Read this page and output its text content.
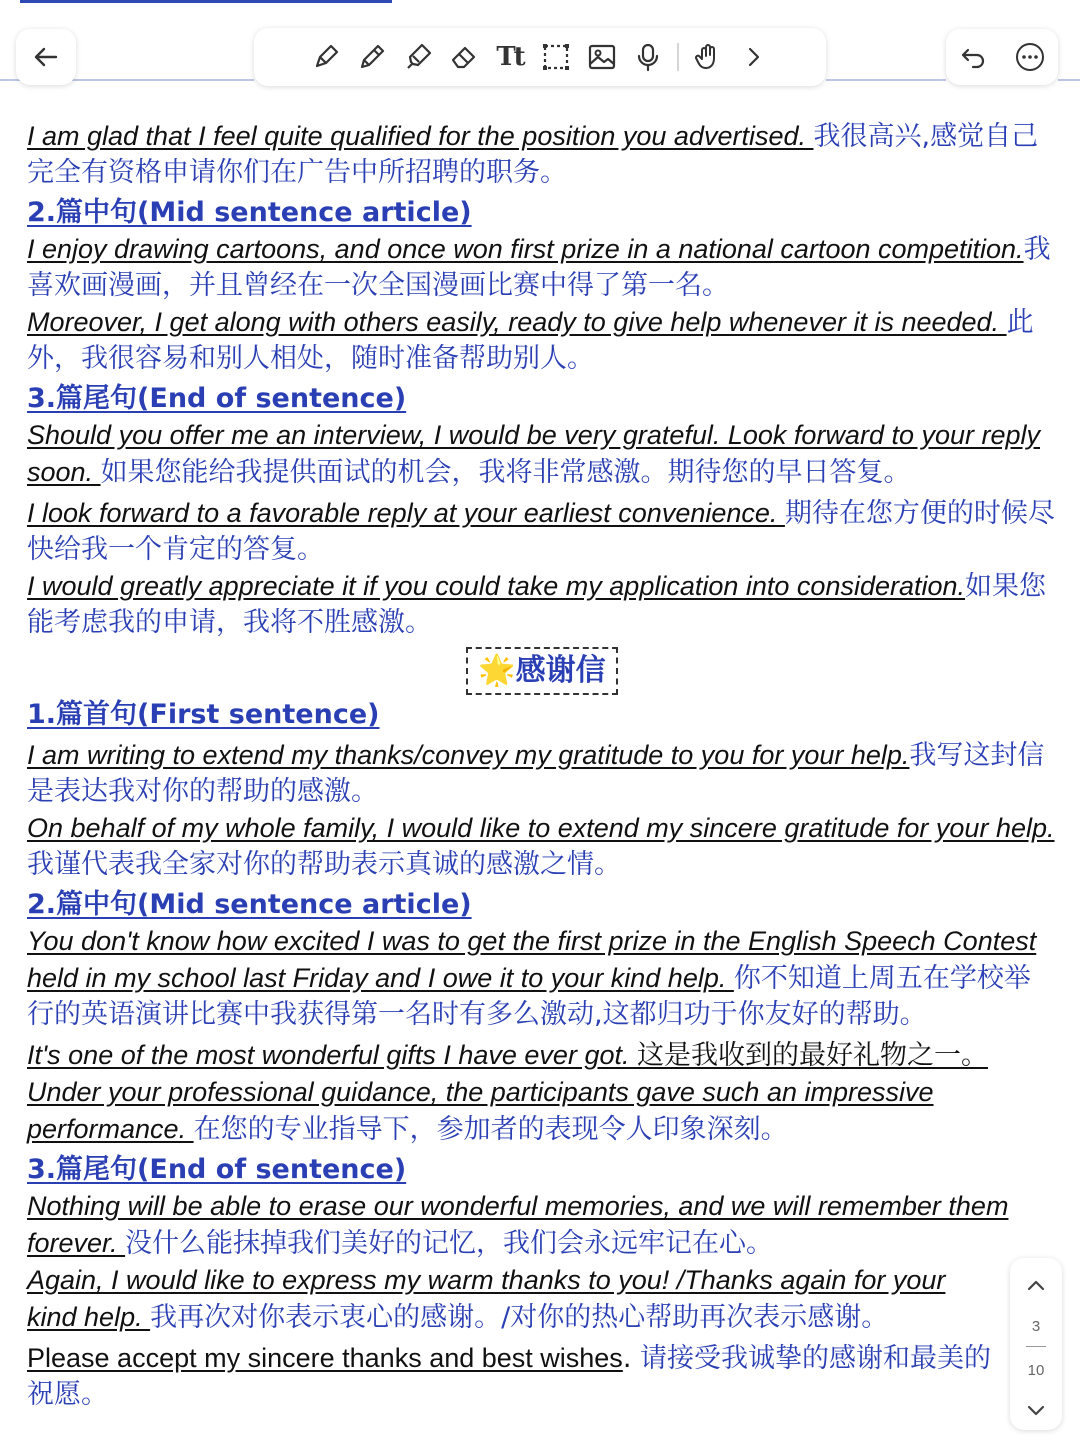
Tt

I am glad that I feel quite qualified for the position you advertised. 我很高兴,感觉自己完全有资格申请你们在广告中所招聘的职务。

2.篇中句(Mid sentence article)

I enjoy drawing cartoons, and once won first prize in a national cartoon competition.我喜欢画漫画，并且曾经在一次全国漫画比赛中得了第一名。

Moreover, I get along with others easily, ready to give help whenever it is needed. 此外，我很容易和别人相处，随时准备帮助别人。

3.篇尾句(End of sentence)

Should you offer me an interview, I would be very grateful. Look forward to your reply soon. 如果您能给我提供面试的机会，我将非常感激。期待您的早日答复。

I look forward to a favorable reply at your earliest convenience. 期待在您方便的时候尽快给我一个肯定的答复。

I would greatly appreciate it if you could take my application into consideration.如果您能考虑我的申请，我将不胜感激。

🌟感谢信
1.篇首句(First sentence)

I am writing to extend my thanks/convey my gratitude to you for your help.我写这封信是表达我对你的帮助的感激。

On behalf of my whole family, I would like to extend my sincere gratitude for your help.我谨代表我全家对你的帮助表示真诚的感激之情。

2.篇中句(Mid sentence article)

You don't know how excited I was to get the first prize in the English Speech Contest held in my school last Friday and I owe it to your kind help. 你不知道上周五在学校举行的英语演讲比赛中我获得第一名时有多么激动,这都归功于你友好的帮助。

It's one of the most wonderful gifts I have ever got. 这是我收到的最好礼物之一。

Under your professional guidance, the participants gave such an impressive performance. 在您的专业指导下，参加者的表现令人印象深刻。

3.篇尾句(End of sentence)

Nothing will be able to erase our wonderful memories, and we will remember them forever. 没什么能抹掉我们美好的记忆，我们会永远牢记在心。

Again, I would like to express my warm thanks to you! /Thanks again for your kind help. 我再次对你表示衷心的感谢。/对你的热心帮助再次表示感谢。

Please accept my sincere thanks and best wishes. 请接受我诚挚的感谢和最美的祝愿。

3
10
